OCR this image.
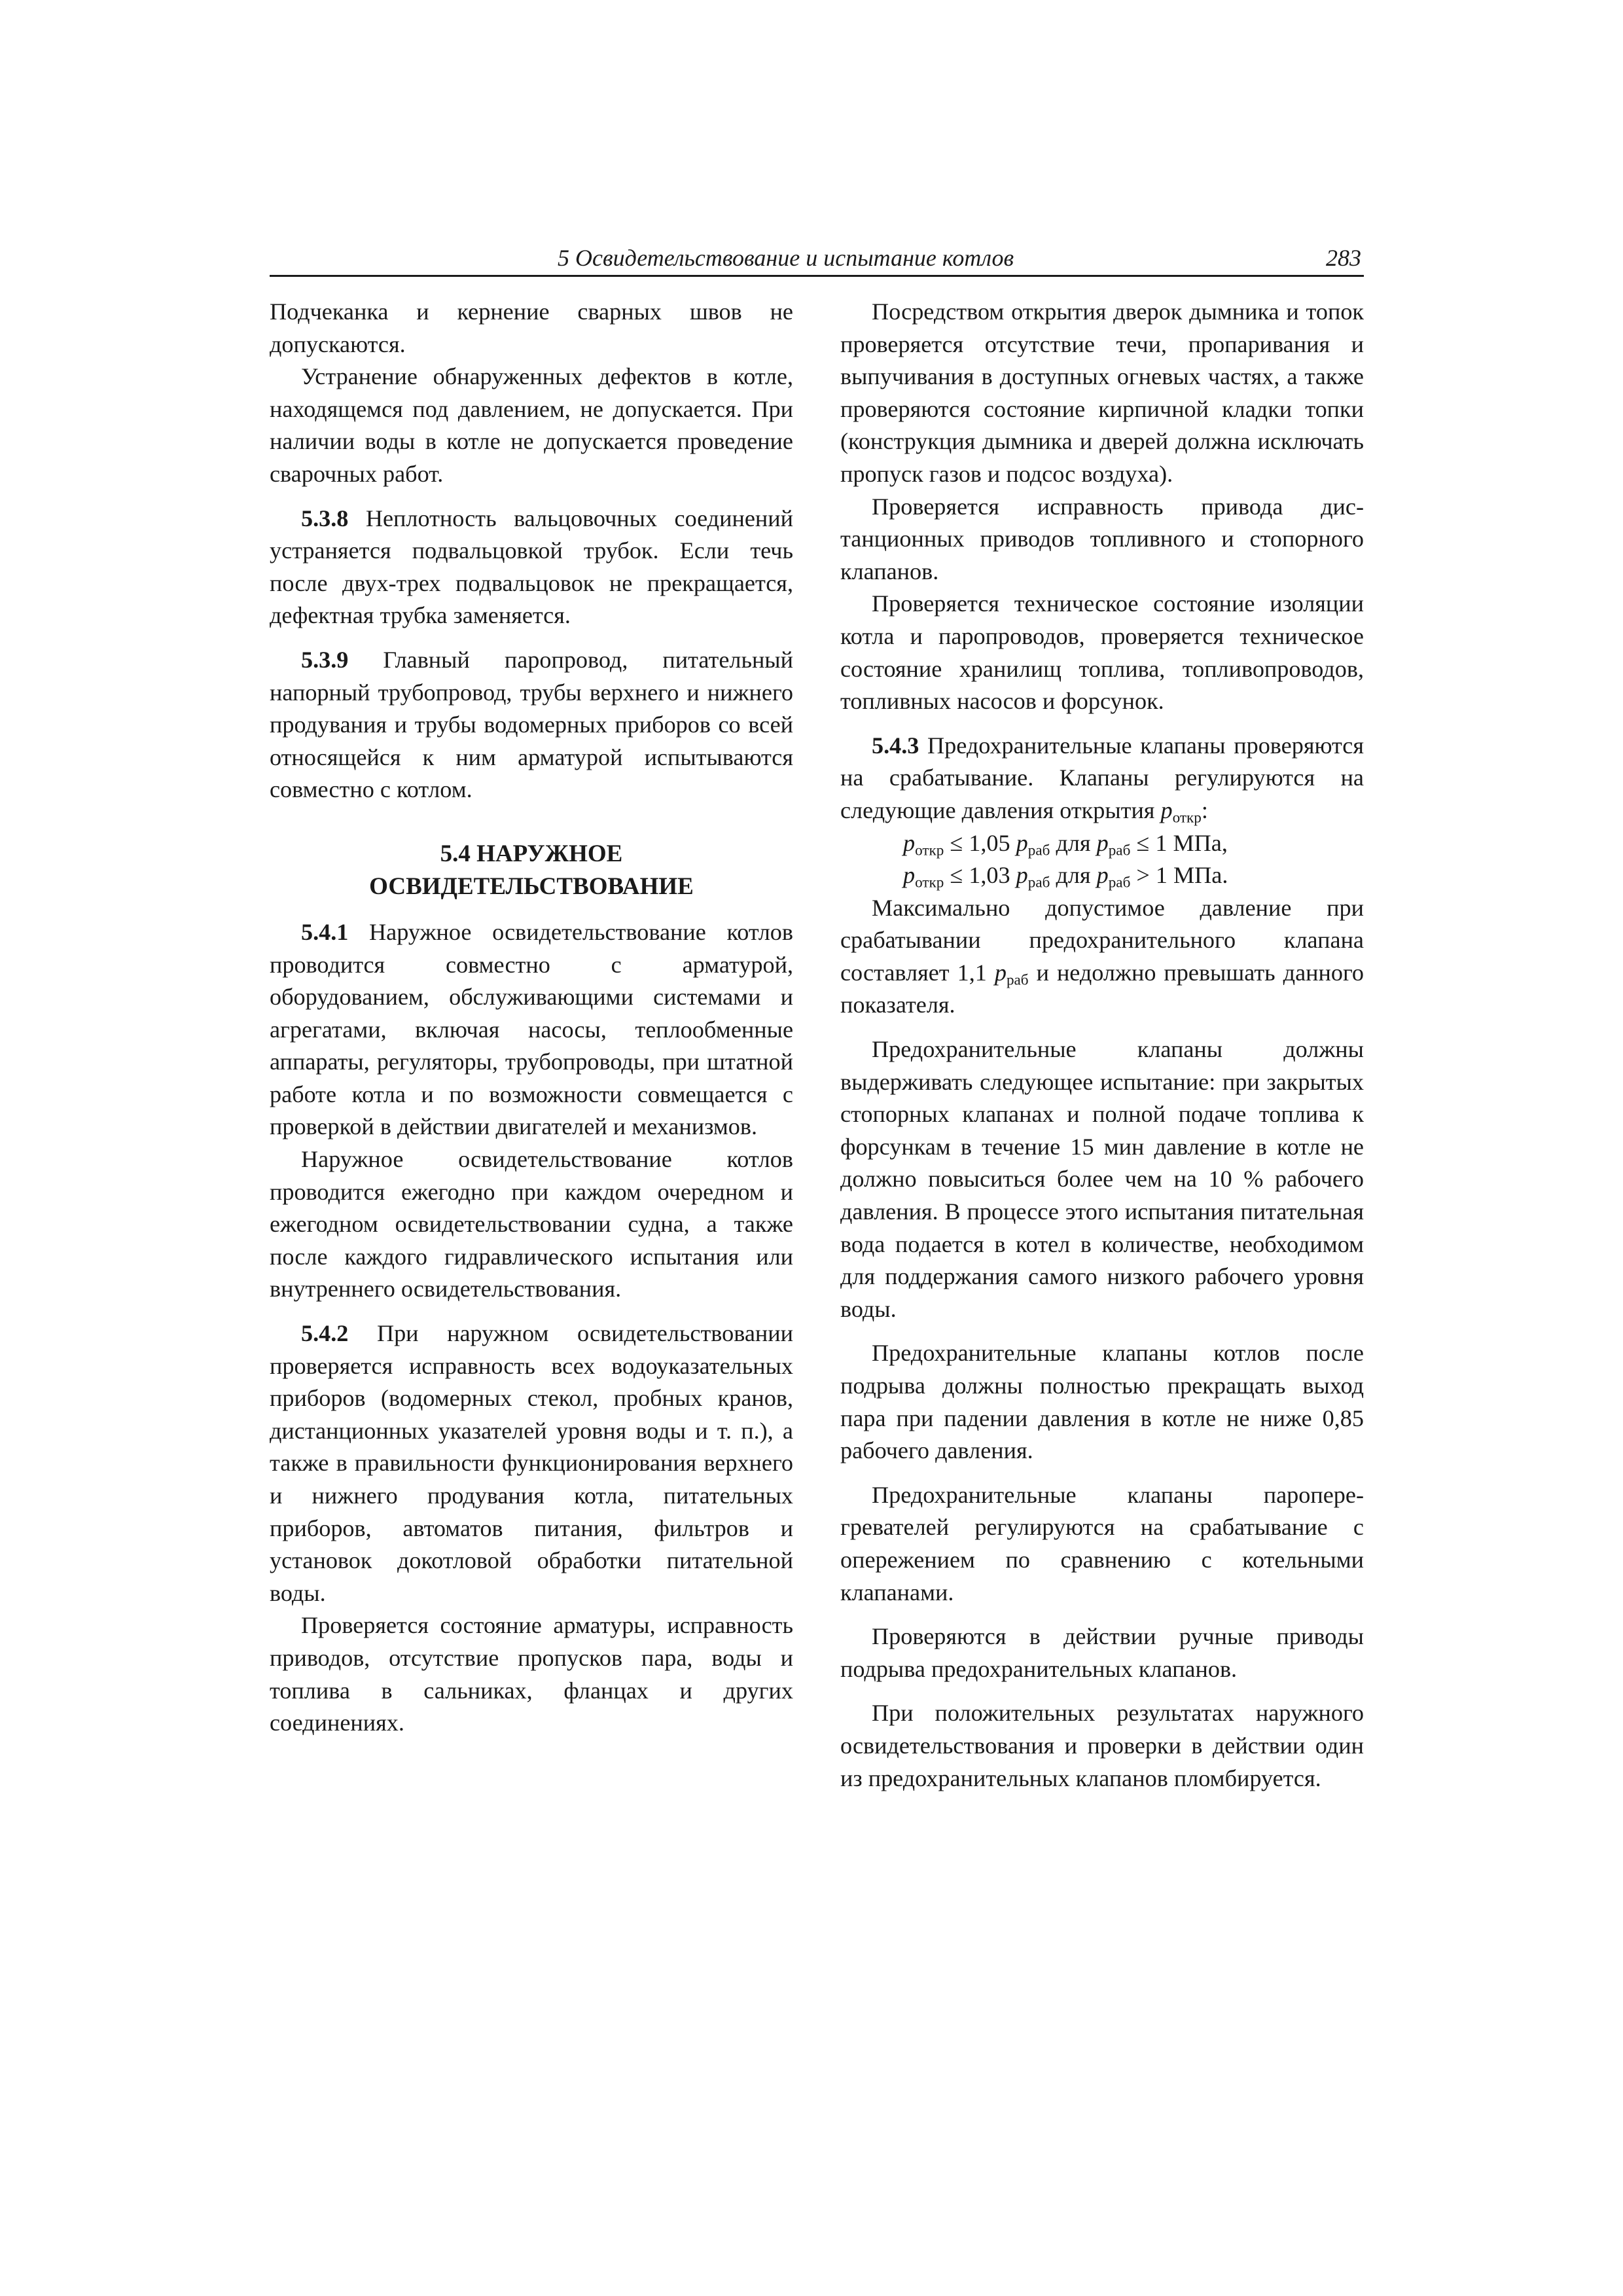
5 Освидетельствование и испытание котлов	283

Подчеканка и кернение сварных швов не допускаются.

Устранение обнаруженных дефектов в котле, находящемся под давлением, не допускается. При наличии воды в котле не допускается проведение сварочных работ.

5.3.8 Неплотность вальцовочных соединений устраняется подвальцовкой трубок. Если течь после двух-трех подвальцовок не прекращается, дефектная трубка заменяется.

5.3.9 Главный паропровод, питательный напорный трубопровод, трубы верхнего и нижнего продувания и трубы водомерных приборов со всей относящейся к ним арматурой испытываются совместно с котлом.

5.4 НАРУЖНОЕ
ОСВИДЕТЕЛЬСТВОВАНИЕ

5.4.1 Наружное освидетельствование котлов проводится совместно с арматурой, оборудованием, обслуживающими системами и агрегатами, включая насосы, теплообменные аппараты, регуляторы, трубопроводы, при штатной работе котла и по возможности совмещается с проверкой в действии двигателей и механизмов.

Наружное освидетельствование котлов проводится ежегодно при каждом очередном и ежегодном освидетельствовании судна, а также после каждого гидравлического испытания или внутреннего освидетельствования.

5.4.2 При наружном освидетельствовании проверяется исправность всех водоуказательных приборов (водомерных стекол, пробных кранов, дистанционных указателей уровня воды и т. п.), а также в правильности функционирования верхнего и нижнего продувания котла, питательных приборов, автоматов питания, фильтров и установок докотловой обработки питательной воды.

Проверяется состояние арматуры, исправность приводов, отсутствие пропусков пара, воды и топлива в сальниках, фланцах и других соединениях.

Посредством открытия дверок дымника и топок проверяется отсутствие течи, пропаривания и выпучивания в доступных огневых частях, а также проверяются состояние кирпичной кладки топки (конструкция дымника и дверей должна исключать пропуск газов и подсос воздуха).

Проверяется исправность привода дистанционных приводов топливного и стопорного клапанов.

Проверяется техническое состояние изоляции котла и паропроводов, проверяется техническое состояние хранилищ топлива, топливопроводов, топливных насосов и форсунок.

5.4.3 Предохранительные клапаны проверяются на срабатывание. Клапаны регулируются на следующие давления открытия $p_{откр}$:

$p_{откр} \le 1,05$ $p_{раб}$ для $p_{раб} \le 1$ МПа,

$p_{откр} \le 1,03$ $p_{раб}$ для $p_{раб} > 1$ МПа.

Максимально допустимое давление при срабатывании предохранительного клапана составляет 1,1 $p_{раб}$ и недолжно превышать данного показателя.

Предохранительные клапаны должны выдерживать следующее испытание: при закрытых стопорных клапанах и полной подаче топлива к форсункам в течение 15 мин давление в котле не должно повыситься более чем на 10 % рабочего давления. В процессе этого испытания питательная вода подается в котел в количестве, необходимом для поддержания самого низкого рабочего уровня воды.

Предохранительные клапаны котлов после подрыва должны полностью прекращать выход пара при падении давления в котле не ниже 0,85 рабочего давления.

Предохранительные клапаны пароперегревателей регулируются на срабатывание с опережением по сравнению с котельными клапанами.

Проверяются в действии ручные приводы подрыва предохранительных клапанов.

При положительных результатах наружного освидетельствования и проверки в действии один из предохранительных клапанов пломбируется.
